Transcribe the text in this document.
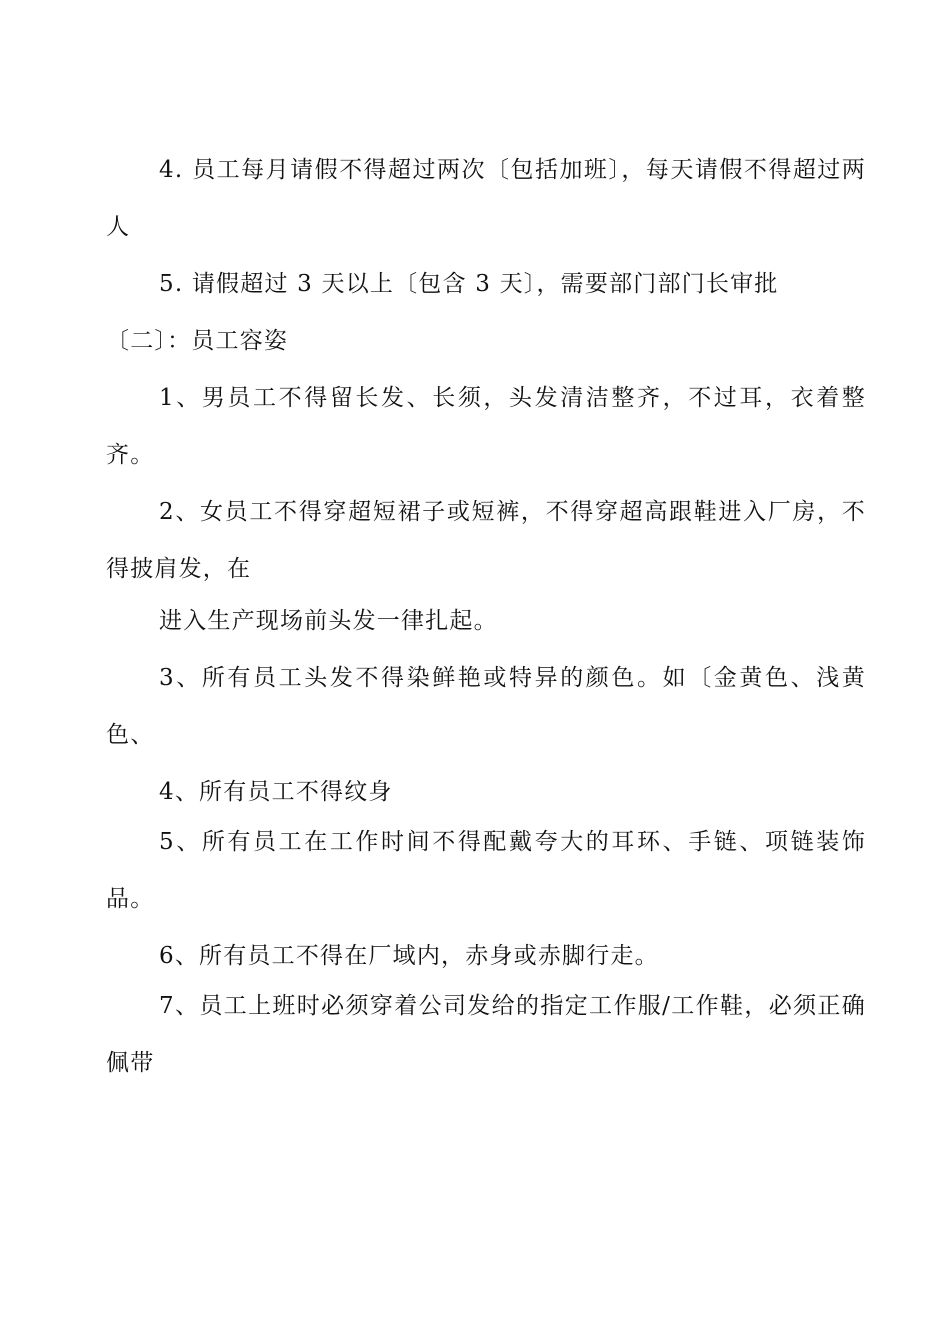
4. 员工每月请假不得超过两次〔包括加班〕，每天请假不得超过两人

5. 请假超过 3 天以上〔包含 3 天〕，需要部门部门长审批

〔二〕：员工容姿

1、男员工不得留长发、长须，头发清洁整齐，不过耳，衣着整齐。

2、女员工不得穿超短裙子或短裤，不得穿超高跟鞋进入厂房，不得披肩发，在

进入生产现场前头发一律扎起。

3、所有员工头发不得染鲜艳或特异的颜色。如〔金黄色、浅黄色、

4、所有员工不得纹身

5、所有员工在工作时间不得配戴夸大的耳环、手链、项链装饰品。

6、所有员工不得在厂域内，赤身或赤脚行走。

7、员工上班时必须穿着公司发给的指定工作服/工作鞋，必须正确佩带
